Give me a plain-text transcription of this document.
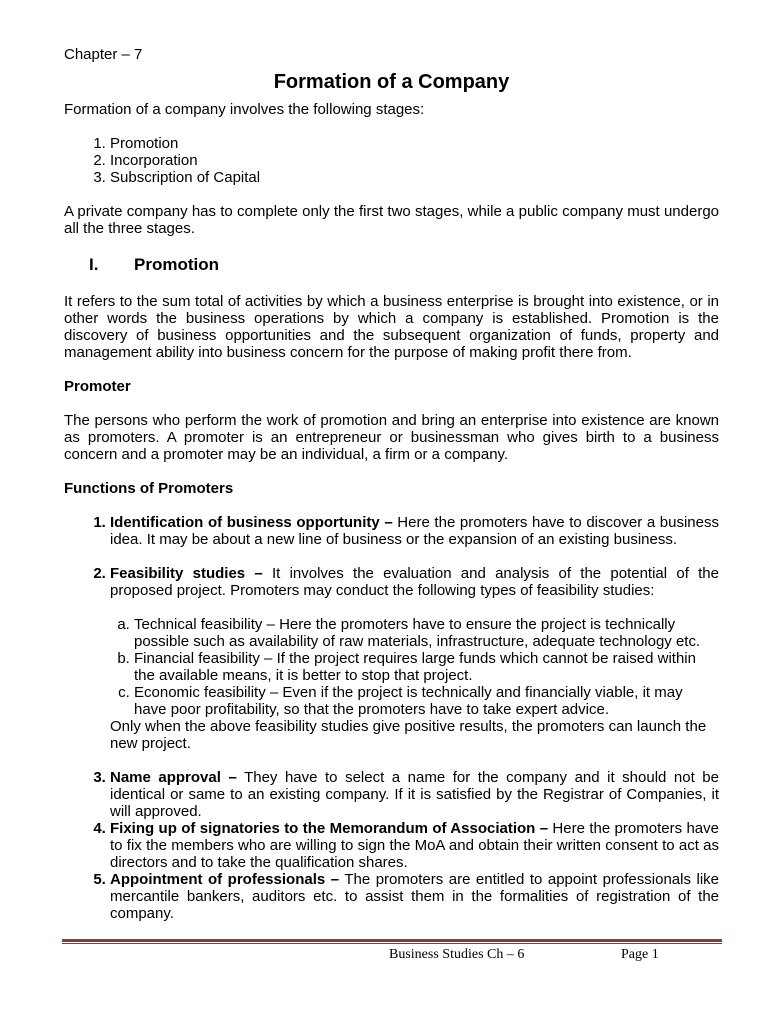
Chapter – 7

Formation of a Company

Formation of a company involves the following stages:

1. Promotion
2. Incorporation
3. Subscription of Capital

A private company has to complete only the first two stages, while a public company must undergo all the three stages.

I.	Promotion

It refers to the sum total of activities by which a business enterprise is brought into existence, or in other words the business operations by which a company is established. Promotion is the discovery of business opportunities and the subsequent organization of funds, property and management ability into business concern for the purpose of making profit there from.

Promoter

The persons who perform the work of promotion and bring an enterprise into existence are known as promoters. A promoter is an entrepreneur or businessman who gives birth to a business concern and a promoter may be an individual, a firm or a company.

Functions of Promoters
1. Identification of business opportunity – Here the promoters have to discover a business idea. It may be about a new line of business or the expansion of an existing business.
2. Feasibility studies – It involves the evaluation and analysis of the potential of the proposed project. Promoters may conduct the following types of feasibility studies:
a. Technical feasibility – Here the promoters have to ensure the project is technically possible such as availability of raw materials, infrastructure, adequate technology etc.
b. Financial feasibility – If the project requires large funds which cannot be raised within the available means, it is better to stop that project.
c. Economic feasibility – Even if the project is technically and financially viable, it may have poor profitability, so that the promoters have to take expert advice.
Only when the above feasibility studies give positive results, the promoters can launch the new project.
3. Name approval – They have to select a name for the company and it should not be identical or same to an existing company. If it is satisfied by the Registrar of Companies, it will approved.
4. Fixing up of signatories to the Memorandum of Association – Here the promoters have to fix the members who are willing to sign the MoA and obtain their written consent to act as directors and to take the qualification shares.
5. Appointment of professionals – The promoters are entitled to appoint professionals like mercantile bankers, auditors etc. to assist them in the formalities of registration of the company.
Business Studies Ch – 6	Page 1
